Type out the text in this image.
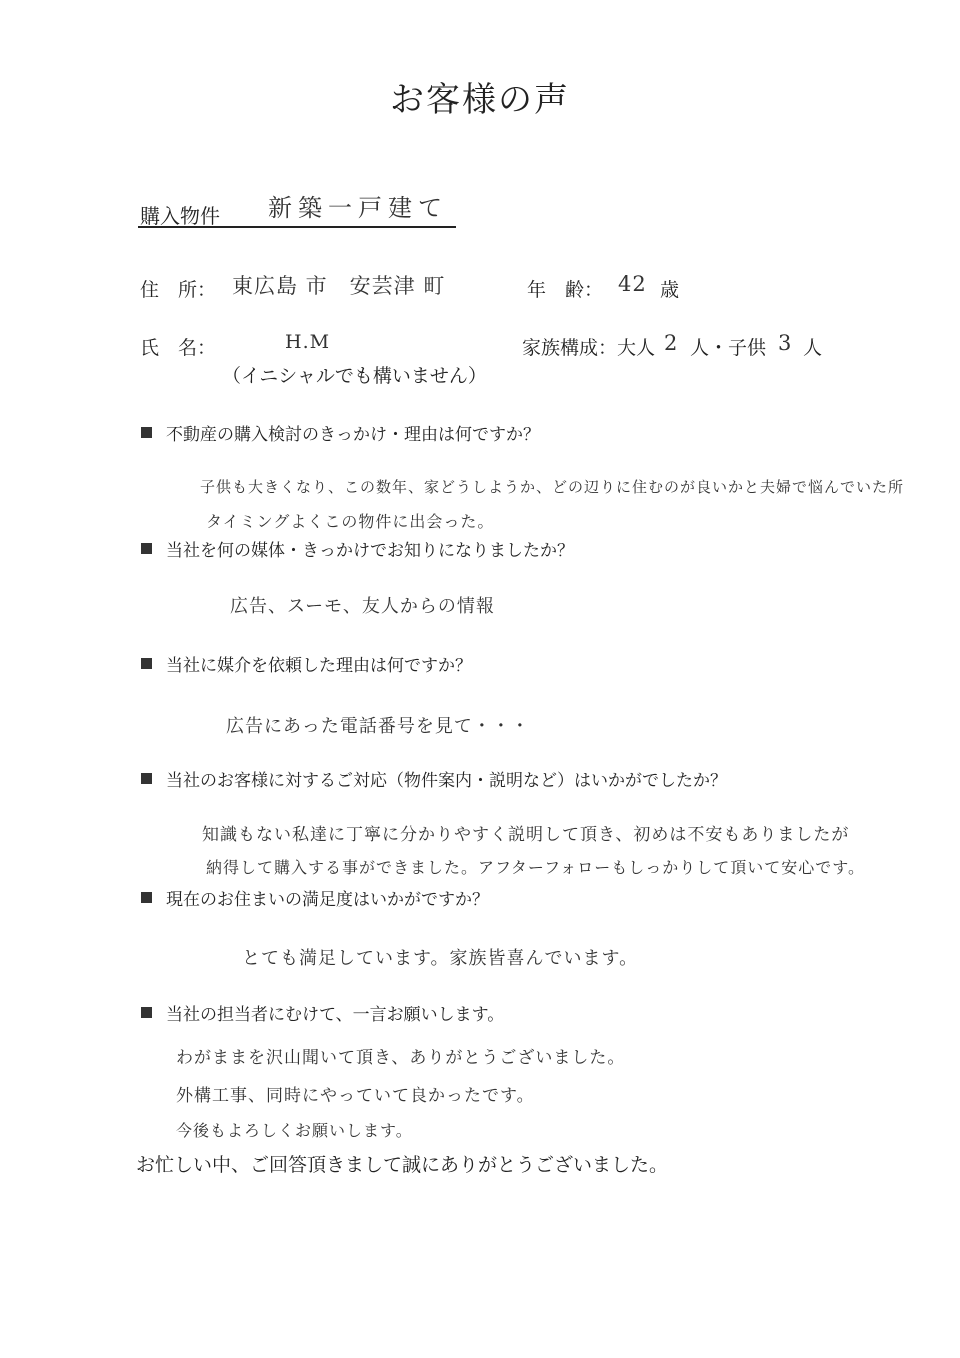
お客様の声
購入物件 新築一戸建て
住　所： 東広島 市　安芸津 町	年　齢： 42 歳
氏　名：	H.M
（イニシャルでも構いません）
家族構成：大人 2 人・子供 3 人
不動産の購入検討のきっかけ・理由は何ですか？
子供も大きくなり、この数年、家どうしようか、どの辺りに住むのが良いかと夫婦で悩んでいた所
タイミングよくこの物件に出会った。
当社を何の媒体・きっかけでお知りになりましたか？
広告、スーモ、友人からの情報
当社に媒介を依頼した理由は何ですか？
広告にあった電話番号を見て・・・
当社のお客様に対するご対応（物件案内・説明など）はいかがでしたか？
知識もない私達に丁寧に分かりやすく説明して頂き、初めは不安もありましたが
納得して購入する事ができました。アフターフォローもしっかりして頂いて安心です。
現在のお住まいの満足度はいかがですか？
とても満足しています。家族皆喜んでいます。
当社の担当者にむけて、一言お願いします。
わがままを沢山聞いて頂き、ありがとうございました。
外構工事、同時にやっていて良かったです。
今後もよろしくお願いします。
お忙しい中、ご回答頂きまして誠にありがとうございました。
